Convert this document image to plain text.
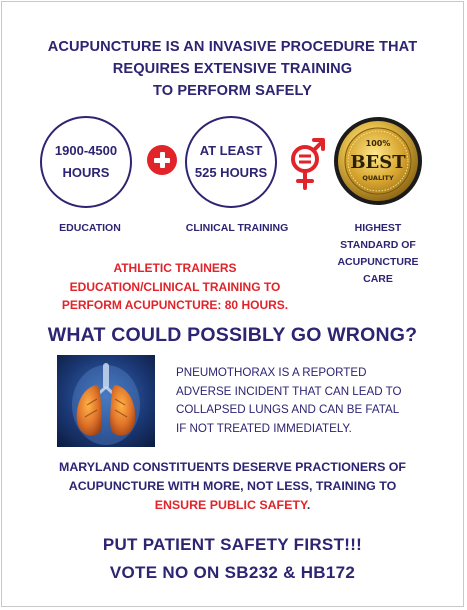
ACUPUNCTURE IS AN INVASIVE PROCEDURE THAT
REQUIRES EXTENSIVE TRAINING
TO PERFORM SAFELY
1900-4500
HOURS
AT LEAST
525 HOURS
100%
BEST
QUALITY
EDUCATION	CLINICAL TRAINING	HIGHEST
STANDARD OF
ACUPUNCTURE
CARE
ATHLETIC TRAINERS
EDUCATION/CLINICAL TRAINING TO
PERFORM ACUPUNCTURE: 80 HOURS.
WHAT COULD POSSIBLY GO WRONG?
PNEUMOTHORAX IS A REPORTED
ADVERSE INCIDENT THAT CAN LEAD TO
COLLAPSED LUNGS AND CAN BE FATAL
IF NOT TREATED IMMEDIATELY.
MARYLAND CONSTITUENTS DESERVE PRACTIONERS OF
ACUPUNCTURE WITH MORE, NOT LESS, TRAINING TO
ENSURE PUBLIC SAFETY.
PUT PATIENT SAFETY FIRST!!!
VOTE NO ON SB232 & HB172
